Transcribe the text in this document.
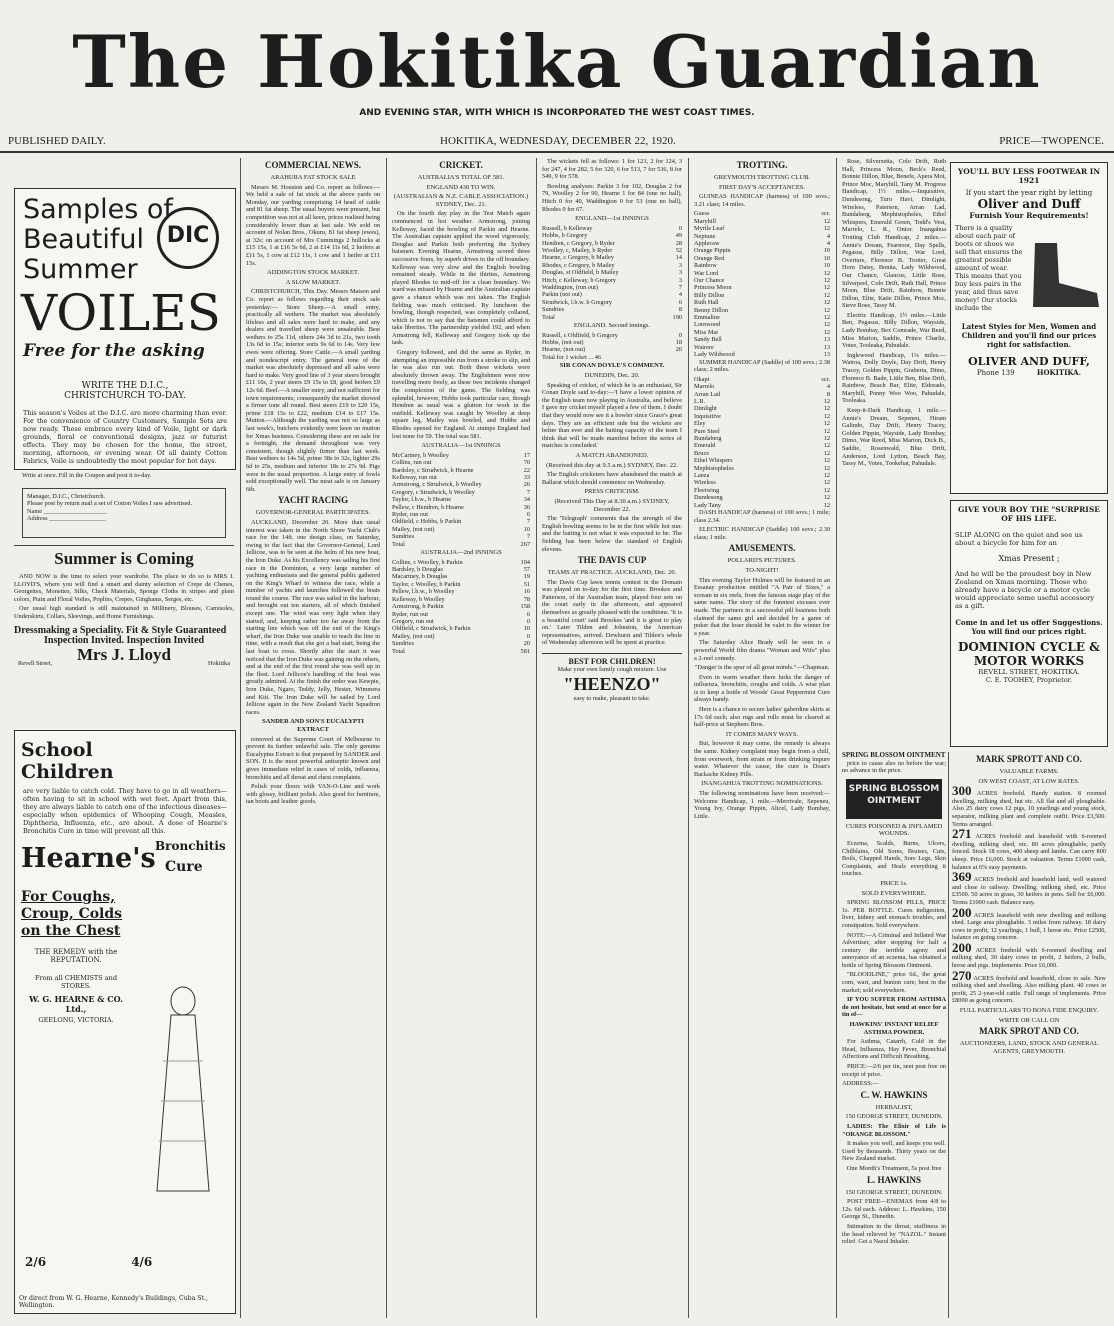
The Hokitika Guardian
AND EVENING STAR, WITH WHICH IS INCORPORATED THE WEST COAST TIMES.
PUBLISHED DAILY.	HOKITIKA, WEDNESDAY, DECEMBER 22, 1920.	PRICE—TWOPENCE.
Samples of
Beautiful
Summer
DIC
VOILES
Free for the asking
WRITE THE D.I.C., CHRISTCHURCH TO-DAY.
This season's Voiles at the D.I.C. are more charming than ever. For the convenience of Country Customers, Sample Sets are now ready. These embrace every kind of Voile, light or dark grounds, floral or conventional designs, jazz or futurist effects. They may be chosen for the home, the street, morning, afternoon, or evening wear. Of all dainty Cotton Fabrics, Voile is undoubtedly the most popular for hot days.
Write at once. Fill in the Coupon and post it to-day.
Manager, D.I.C., Christchurch.
Please post by return mail a set of Cotton Voiles I saw advertised.
Name ____________________
Address __________________
Summer is Coming

AND NOW is the time to select your wardrobe. The place to do so is MRS J. LLOYD'S, where you will find a smart and dainty selection of Crepe de Chenes, Georgettes, Monettes, Silks, Check Materials, Sponge Cloths in stripes and plain colors, Piain and Floral Voiles, Poplins, Crepes, Ginghams, Serges, etc.

Our usual high standard is still maintained in Millinery, Blouses, Camisoles, Underskirts, Collars, Sleevings, and Home Furnishings.

Dressmaking a Speciality. Fit & Style Guaranteed
Inspection Invited. Inspection Invited
Mrs J. Lloyd
Revell Street,	Hokitika
School Children
are very liable to catch cold. They have to go in all weathers—often having to sit in school with wet feet. Apart from this, they are always liable to catch one of the infectious diseases—especially when epidemics of Whooping Cough, Measles, Diphtheria, Influenza, etc., are about. A dose of Hearne's Bronchitis Cure in time will prevent all this.
Hearne's Bronchitis
Cure
For Coughs, Croup, Colds on the Chest
THE REMEDY with the REPUTATION.
From all CHEMISTS and STORES.
W. G. HEARNE & CO. Ltd.,
GEELONG, VICTORIA.
2/6	4/6
Or direct from W. G. Hearne, Kennedy's Buildings, Cuba St., Wellington.
COMMERCIAL NEWS.
ARAHURA FAT STOCK SALE

Messrs M. Houston and Co. report as follows:— We held a sale of fat stock at the above yards on Monday, our yarding comprising 14 head of cattle and 81 fat sheep. The usual buyers were present, but competition was not at all keen, prices realised being considerably lower than at last sale. We sold on account of Nolan Bros., Okuru, 81 fat sheep (ewes), at 32s; on account of Mrs Cummings 2 bullocks at £15 15s, 1 at £16 5s 6d, 2 at £14 11s 6d, 2 heifers at £11 5s, 1 cow at £12 11s, 1 cow and 1 heifer at £11 15s.

ADDINGTON STOCK MARKET.
A SLOW MARKET.

CHRISTCHURCH, This Day. Messrs Matson and Co. report as follows regarding their stock sale yesterday:— Store Sheep.—A small entry, practically all wethers. The market was absolutely lifeless and all sales were hard to make, and any dealers and travelled sheep were unsaleable. Best wethers to 25s 11d, others 24s 3d to 21s, two tooth 13s 6d to 15s; inferior sorts 9s 6d to 14s. Very few ewes were offering. Store Cattle.—A small yarding and nondescript entry. The general tone of the market was absolutely depressed and all sales were hard to make. Very good line of 3 year steers brought £11 10s, 2 year steers £9 15s to £8, good heifers £9 12s 6d. Beef.—A smaller entry, and not sufficient for town requirements; consequently the market showed a firmer tone all round. Best steers £19 to £20 15s, prime £18 15s to £22, medium £14 to £17 15s. Mutton.—Although the yarding was not so large as last week's, butchers evidently were keen on mutton for Xmas business. Considering these are on sale for a fortnight, the demand throughout was very consistent, though slightly firmer than last week. Best wethers to 14s 5d, prime 38s to 32s, lighter 29s 6d to 25s, medium and inferior 18s to 27s 9d. Pigs were in the usual proportion. A large entry of fowls sold exceptionally well. The meat sale is on January 6th.

YACHT RACING
GOVERNOR-GENERAL PARTICIPATES.

AUCKLAND, December 20. More than usual interest was taken in the North Shore Yacht Club's race for the 14ft. one design class, on Saturday, owing to the fact that the Governor-General, Lord Jellicoe, was to be seen at the helm of his new boat, the Iron Duke. As his Excellency was sailing his first race in the Dominion, a very large number of yachting enthusiasts and the general public gathered on the King's Wharf to witness the race, while a number of yachts and launches followed the boats round the course. The race was sailed in the harbour, and brought out ten starters, all of which finished except one. The wind was very light when they started, and, keeping rather too far away from the starting line which was off the end of the King's wharf, the Iron Duke was unable to reach the line in time, with a result that she got a bad start, being the last boat to cross. Shortly after the start it was noticed that the Iron Duke was gaining on the others, and at the end of the first round she was well up in the fleet. Lord Jellicoe's handling of the boat was greatly admired. At the finish the order was Kewpie, Iron Duke, Ngaro, Teddy, Jelly, Hester, Wimmera and Kiti. The Iron Duke will be sailed by Lord Jellicoe again in the New Zealand Yacht Squadron races.

SANDER AND SON'S EUCALYPTI EXTRACT

removed at the Supreme Court of Melbourne to prevent its further unlawful sale. The only genuine Eucalyptus Extract is that prepared by SANDER and SON. It is the most powerful antiseptic known and gives immediate relief in cases of colds, influenza, bronchitis and all throat and chest complaints.

Polish your floors with VAN-O-Line and work with glossy, brilliant polish. Also good for furniture, tan boots and leather goods.

CRICKET.
AUSTRALIA'S TOTAL OF 581.
ENGLAND 430 TO WIN.
(AUSTRALIAN & N.Z. CABLE ASSOCIATION.) SYDNEY, Dec. 21.

On the fourth day play in the Test Match again commenced in hot weather. Armstrong, joining Kelleway, faced the bowling of Parkin and Hearne. The Australian captain applied the wood vigorously, Douglas and Parkin both preferring the Sydney batsmen. Evening Hearne, Armstrong scored three successive fours, by superb drives to the off boundary. Kelleway was very slow and the English bowling remained steady. While in the thirties, Armstrong played Rhodes to mid-off for a clean boundary. Wo ward was missed by Hearne and the Australian captain gave a chance which was not taken. The English fielding was much criticised. By luncheon the bowling, though respected, was completely collared, which is not to say that the batsmen could afford to take liberties. The partnership yielded 192, and when Armstrong fell, Kelleway and Gregory took up the task.

Gregory followed, and did the same as Ryder, in attempting an impossible run from a stroke to slip, and he was also run out. Both these wickets were absolutely thrown away. The Englishmen were now travelling more freely, as these two incidents changed the complexion of the game. The fielding was splendid, however, Hobbs took particular care, though Hendren as usual was a glutton for work in the outfield. Kelleway was caught by Woolley at deep square leg, Mailey was bowled, and Hobbs and Rhodes opened for England. At stumps England had lost none for 59. The total was 581.

AUSTRALIA—1st INNINGS
McCartney, b Woolley	17
Collins, run out	70
Bardsley, c Strudwick, b Hearne	22
Kelleway, run out	33
Armstrong, c Strudwick, b Woolley	26
Gregory, c Strudwick, b Woolley	7
Taylor, l.b.w., b Hearne	34
Pellew, c Hendren, b Hearne	36
Ryder, run out	6
Oldfield, c Hobbs, b Parkin	7
Mailey, (not out)	10
Sundries	7
Total	267
AUSTRALIA—2nd INNINGS
Collins, c Woolley, b Parkin	104
Bardsley, b Douglas	57
Macartney, b Douglas	19
Taylor, c Woolley, b Parkin	51
Pellew, l.b.w., b Woolley	16
Kelleway, b Woolley	78
Armstrong, b Parkin	158
Ryder, run out	6
Gregory, run out	0
Oldfield, c Strudwick, b Parkin	10
Mailey, (not out)	0
Sundries	20
Total	581

The wickets fell as follows: 1 for 123, 2 for 124, 3 for 247, 4 for 282, 5 for 320, 6 for 513, 7 for 536, 8 for 549, 9 for 578.

Bowling analyses: Parkin 3 for 102, Douglas 2 for 79, Woolley 2 for 90, Hearne 1 for 84 (one no ball), Hitch 0 for 40, Waddington 0 for 53 (one no ball), Rhodes 0 for 67.

ENGLAND—1st INNINGS
Russell, b Kelleway	0
Hobbs, b Gregory	49
Hendren, c Gregory, b Ryder	28
Woolley, c, Mailey, b Ryder	52
Hearne, c Gregory, b Mailey	14
Rhodes, c Gregory, b Mailey	3
Douglas, st Oldfield, b Mailey	3
Hitch, c Kelleway, b Gregory	3
Waddington, (run out)	7
Parkin (not out)	4
Strudwick, l.b.w. b Gregory	6
Sundries	8
Total	190
ENGLAND. Second innings.
Russell, c Oldfield, b Gregory	0
Hobbs, (not out)	18
Hearne, (not out)	26
Total for 1 wicket ... 46
SIR CONAN DOYLE'S COMMENT.
DUNEDIN, Dec. 20.

Speaking of cricket, of which he is an enthusiast, Sir Conan Doyle said to-day:—'I have a lower opinion of the English team now playing in Australia, and believe I gave my cricket myself played a few of them. I doubt that they would now see it a bowler since Grace's great days. They are an efficient side but the wickets are better than ever and the batting capacity of the team I think that will be made manifest before the series of matches is concluded.'

A MATCH ABANDONED.
(Received this day at 9.5 a.m.) SYDNEY, Dec. 22.

The English cricketers have abandoned the match at Ballarat which should commence on Wednesday.

PRESS CRITICISM.
(Received This Day at 8.30 a.m.) SYDNEY, December 22.

The 'Telegraph' comments that the strength of the English bowling seems to be in the first while hot sun: and the batting is not what it was expected to be. The fielding has been below the standard of English elevens.

THE DAVIS CUP
TEAMS AT PRACTICE. AUCKLAND, Dec. 20.

The Davis Cup lawn tennis contest in the Domain was played on to-day for the first time. Brookes and Patterson, of the Australian team, played four sets on the court early in the afternoon, and appeared themselves as greatly pleased with the conditions. 'It is a beautiful court' said Brookes 'and it is great to play on.' Later Tilden and Johnston, the American representatives, arrived. Dewhurst and Tilden's whole of Wednesday afternoon will be spent at practice.

BEST FOR CHILDREN!
Make your own family cough mixture. Use
"HEENZO"
easy to make, pleasant to take.
TROTTING.
GREYMOUTH TROTTING CLUB.
FIRST DAY'S ACCEPTANCES.

GUINEAS HANDICAP (harness) of 100 sovs.; 3.21 class; 14 miles.

Guess	scr.
Maryhill	12
Myrtle Leaf	12
Neptune	4
Applecaw	4
Orange Pippin	10
Orange Red	10
Rainbow	10
War Lord	12
Our Chance	12
Princess Moon	12
Billy Dillon	12
Ruth Hall	12
Benny Dillon	12
Emmaline	12
Lornwood	12
Miss Mat	12
Sandy Bell	13
Wairere	13
Lady Wildwood	13

SUMMER HANDICAP (Saddle) of 100 sovs.; 2.38 class; 2 miles.

Okapi	scr.
Marrelo	4
Arran Lad	8
L.R.	12
Dimlight	12
Inquisitive	12
Eley	12
Pure Steel	12
Bundaberg	12
Emerald	12
Bruce	12
Ethel Whispers	12
Mephistopheles	12
Lanza	12
Wireless	12
Fleetwing	12
Dundesong	12
Lady Tany	12

DASH HANDICAP (harness) of 100 sovs.; 1 mile; class 2.34.

ELECTRIC HANDICAP (Saddle) 100 sovs.; 2.30 class; 1 mile.

AMUSEMENTS.
POLLARD'S PICTURES.
TO-NIGHT!

This evening Taylor Holmes will be featured in an Essanay production entitled "A Pair of Sixes," a scream in six reels, from the famous stage play of the same name. The story of the funniest excuses ever made. The partners in a successful pill business both claimed the same girl and decided by a game of poker that the loser should be valet to the winner for a year.

The Saturday Alice Brady will be seen in a powerful World film drama "Woman and Wife" plus a 2-reel comedy.

"Danger is the spur of all great minds."—Chapman.

Even in warm weather there lurks the danger of influenza, bronchitis, coughs and colds. A wise plan is to keep a bottle of Woods' Great Peppermint Cure always handy.

Here is a chance to secure ladies' gaberdine skirts at 17s 6d each; also rugs and rolls must be cleared at half-price at Stephens Bros.

IT COMES MANY WAYS.

But, however it may come, the remedy is always the same. Kidney complaint may begin from a chill, from overwork, from strain or from drinking impure water. Whatever the cause, the cure is Doan's Backache Kidney Pills.

INANGAHUA TROTTING NOMINATIONS.

The following nominations have been received:— Welcome Handicap, 1 mile.—Merrivale, Sepeneu, Young Ivy, Orange Pippin, Alicel, Lady Bombay, Little.

Rose, Silverzetta, Colo Drift, Ruth Hall, Princess Moon, Beck's Reed, Bonnie Dillon, Blue, Benefe, Apera Mot, Prince Moc, Maryhill, Tany M. Progress Handicap, 1½ miles.—Inquisitive, Dundesong, Turo Havi, Dimlight, Wireless, Paterson, Arran Lad, Bundaberg, Mephistopheles, Ethel Whispers, Emerald Green, Todd's Vest, Marrelo, L. R., Onior. Inangahua Trotting Club Handicap, 2 miles.—Annie's Dream, Fearnoor, Day Spells, Pegasus, Billy Dillon, War Lord, Overture, Florence B. Trotter, Great Horn Daisy, Bonita, Lady Wildwood, Our Chance, Glaucus, Little Rose, Silverpeel, Colo Drift, Ruth Hall, Prince Moon, Blue Drift, Rainbow, Bonnie Dillon, Elite, Katie Dillon, Prince Moc, Steve Rose, Tassy M.

Electric Handicap, 1½ miles.—Little Ben, Pegasus, Billy Dillon, Wayside, Lady Bombay, Bex Comrade, War Reed, Miss Marion, Saddie, Prince Charlie, Votee, Tooleaka, Pahudale.

Inglewood Handicap, 1¼ miles.—Wairoa, Dolly Doyle, Day Drift, Henry Tracey, Golden Pippin, Graberta, Dimo, Florence B. Bade, Little Ben, Blue Drift, Rainbow, Beach Bar, Elite, Eldorado, Maryhill, Ponny Woo Woo, Pahudale, Tooleaka.

Keep-it-Dark Handicap, 1 mile.—Annie's Dream, Sepeneu, Hiram Galindo, Day Drift, Henry Tracey, Golden Pippin, Wayside, Lady Bombay, Dimo, War Reed, Miss Marion, Dick B., Saddie, Rosenwald, Blue Drift, Anderson, Lord Lytton, Beach Bay, Tassy M., Votee, Tookehat, Pahudale.

YOU'LL BUY LESS FOOTWEAR IN 1921
If you start the year right by letting
Oliver and Duff
Furnish Your Requirements!
There is a quality about each pair of boots or shoes we sell that ensures the greatest possible amount of wear. This means that you buy less pairs in the year, and thus save money! Our stocks include the
Latest Styles for Men, Women and Children and you'll find our prices right for satisfaction.
OLIVER AND DUFF,
Phone 139	HOKITIKA.
GIVE YOUR BOY THE "SURPRISE OF HIS LIFE.
SLIP ALONG on the quiet and see us about a bicycle for him for an
Xmas Present ;
And he will be the proudest boy in New Zealand on Xmas morning. Those who already have a bicycle or a motor cycle would appreciate some useful accessory as a gift.
Come in and let us offer Suggestions. You will find our prices right.
DOMINION CYCLE & MOTOR WORKS
REVELL STREET, HOKITIKA.
C. E. TOOHEY, Proprietor.
SPRING BLOSSOM OINTMENT

price to cause also no before the war; no advance in the price.

SPRING BLOSSOM OINTMENT
CURES POISONED & INFLAMED WOUNDS.

Eczema, Scalds, Burns, Ulcers, Chilblains, Old Sores, Bruises, Cuts, Boils, Chapped Hands, Sore Legs, Skin Complaints, and Heals everything it touches.

PRICE 1s.
SOLD EVERYWHERE.

SPRING BLOSSOM PILLS, PRICE 1s. PER BOTTLE. Cures indigestion, liver, kidney and stomach troubles, and constipation. Sold everywhere.

NOTE:—A Criminal and Inflated War Advertiser, after stopping for half a century the terrible agony and annoyance of an eczema, has obtained a bottle of Spring Blossom Ointment.

"BLOODLINE," price 6d., the great corn, wart, and bunion cure; best in the market; sold everywhere.

IF YOU SUFFER FROM ASTHMA do not hesitate, but send at once for a tin of—

HAWKINS' INSTANT RELIEF ASTHMA POWDER.

For Asthma, Catarrh, Cold in the Head, Influenza, Hay Fever, Bronchial Affections and Difficult Breathing.

PRICE:—2/6 per tin, sent post free on receipt of price.

ADDRESS:—
C. W. HAWKINS
HERBALIST,
150 GEORGE STREET, DUNEDIN.

LADIES: The Elixir of Life is "ORANGE BLOSSOM."

It makes you well, and keeps you well. Used by thousands. Thirty years on the New Zealand market.

One Month's Treatment, 5s post free
L. HAWKINS
150 GEORGE STREET, DUNEDIN.

POST FREE—ENEMAS from 4/8 to 12s. 6d each. Address: L. Hawkins, 150 George St., Dunedin.

Intimation in the throat, stuffiness in the head relieved by "NAZOL." Instant relief. Get a Nazol Inhaler.

MARK SPROTT AND CO.
VALUABLE FARMS.
ON WEST COAST, AT LOW RATES.

300 ACRES freehold. Handy station. 8 roomed dwelling, milking shed, hut etc. All flat and all ploughable. Also 25 dairy cows 12 pigs, 10 yearlings and young stock, separator, milking plant and complete outfit. Price £3,500. Terms arranged.

271 ACRES freehold and leasehold with 6-roomed dwelling, milking shed, etc. 80 acres ploughable, partly fenced. Stock 18 cows, 400 sheep and lambs. Can carry 800 sheep. Price £6,000. Stock at valuation. Terms £1000 cash, balance at 6% easy payments.

369 ACRES freehold and leasehold land, well watered and close to railway. Dwelling, milking shed, etc. Price £3500. 50 acres in grass, 30 heifers in pens. Sell for £6,000. Terms £1000 cash. Balance easy.

200 ACRES leasehold with new dwelling and milking shed. Large area ploughable. 3 miles from railway. 18 dairy cows in profit, 12 yearlings, 1 bull, 1 horse etc. Price £2500, balance on going concern.

200 ACRES freehold with 6-roomed dwelling and milking shed, 30 dairy cows in profit, 2 heifers, 2 bulls, horse and pigs. Implements. Price £6,000.

270 ACRES freehold and leasehold, close to sale. New milking shed and dwelling. Also milking plant. 40 cows in profit, 25 2-year-old cattle. Full range of implements. Price £8000 as going concern.

FULL PARTICULARS TO BONA FIDE ENQUIRY.
WRITE OR CALL ON
MARK SPROT AND CO.
AUCTIONEERS, LAND, STOCK AND GENERAL AGENTS, GREYMOUTH.
